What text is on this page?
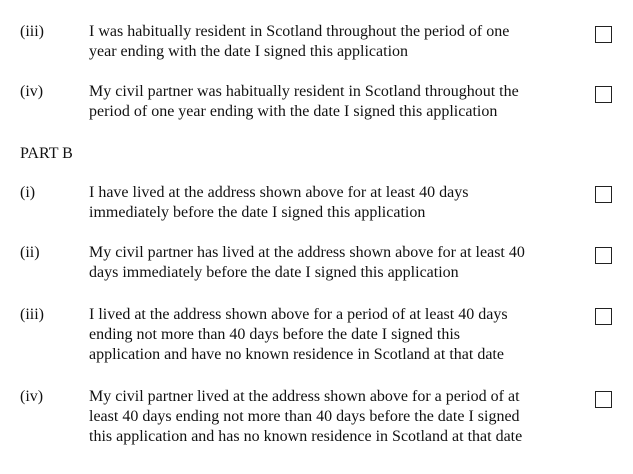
(iii)	I was habitually resident in Scotland throughout the period of one
year ending with the date I signed this application
(iv)	My civil partner was habitually resident in Scotland throughout the
period of one year ending with the date I signed this application
PART B
(i)	I have lived at the address shown above for at least 40 days
immediately before the date I signed this application
(ii)	My civil partner has lived at the address shown above for at least 40
days immediately before the date I signed this application
(iii)	I lived at the address shown above for a period of at least 40 days
ending not more than 40 days before the date I signed this
application and have no known residence in Scotland at that date
(iv)	My civil partner lived at the address shown above for a period of at
least 40 days ending not more than 40 days before the date I signed
this application and has no known residence in Scotland at that date
